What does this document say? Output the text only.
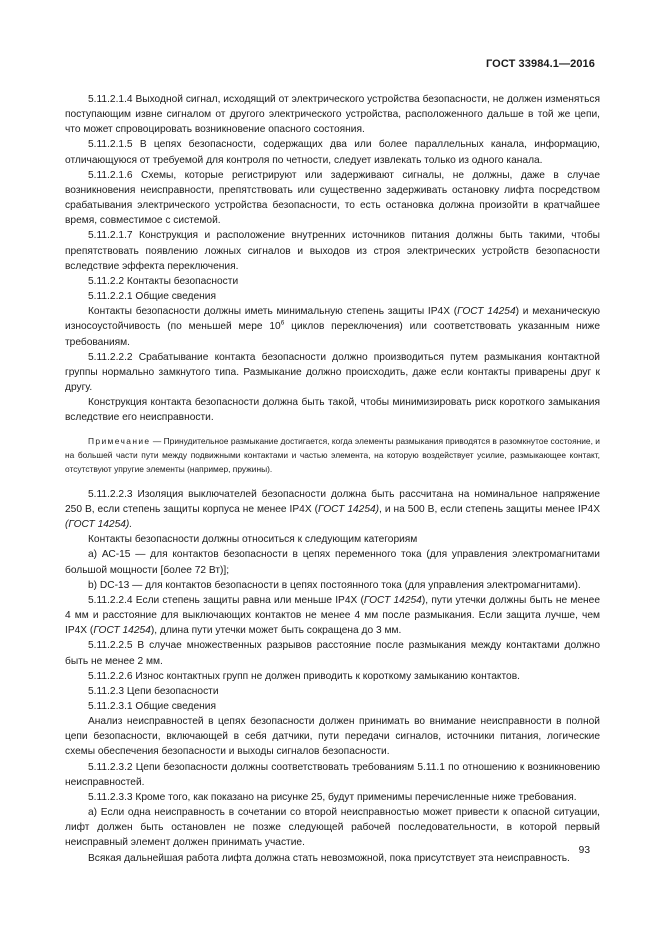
ГОСТ 33984.1—2016

5.11.2.1.4 Выходной сигнал, исходящий от электрического устройства безопасности, не должен изменяться поступающим извне сигналом от другого электрического устройства, расположенного дальше в той же цепи, что может спровоцировать возникновение опасного состояния.

5.11.2.1.5 В цепях безопасности, содержащих два или более параллельных канала, информацию, отличающуюся от требуемой для контроля по четности, следует извлекать только из одного канала.

5.11.2.1.6 Схемы, которые регистрируют или задерживают сигналы, не должны, даже в случае возникновения неисправности, препятствовать или существенно задерживать остановку лифта посредством срабатывания электрического устройства безопасности, то есть остановка должна произойти в кратчайшее время, совместимое с системой.

5.11.2.1.7 Конструкция и расположение внутренних источников питания должны быть такими, чтобы препятствовать появлению ложных сигналов и выходов из строя электрических устройств безопасности вследствие эффекта переключения.

5.11.2.2 Контакты безопасности

5.11.2.2.1 Общие сведения

Контакты безопасности должны иметь минимальную степень защиты IP4X (ГОСТ 14254) и механическую износоустойчивость (по меньшей мере $10^6$ циклов переключения) или соответствовать указанным ниже требованиям.

5.11.2.2.2 Срабатывание контакта безопасности должно производиться путем размыкания контактной группы нормально замкнутого типа. Размыкание должно происходить, даже если контакты приварены друг к другу.

Конструкция контакта безопасности должна быть такой, чтобы минимизировать риск короткого замыкания вследствие его неисправности.

Примечание — Принудительное размыкание достигается, когда элементы размыкания приводятся в разомкнутое состояние, и на большей части пути между подвижными контактами и частью элемента, на которую воздействует усилие, размыкающее контакт, отсутствуют упругие элементы (например, пружины).

5.11.2.2.3 Изоляция выключателей безопасности должна быть рассчитана на номинальное напряжение 250 В, если степень защиты корпуса не менее IP4X (ГОСТ 14254), и на 500 В, если степень защиты менее IP4X (ГОСТ 14254).

Контакты безопасности должны относиться к следующим категориям

а) АС-15 — для контактов безопасности в цепях переменного тока (для управления электромагнитами большой мощности [более 72 Вт)];

b) DC-13 — для контактов безопасности в цепях постоянного тока (для управления электромагнитами).

5.11.2.2.4 Если степень защиты равна или меньше IP4X (ГОСТ 14254), пути утечки должны быть не менее 4 мм и расстояние для выключающих контактов не менее 4 мм после размыкания. Если защита лучше, чем IP4X (ГОСТ 14254), длина пути утечки может быть сокращена до 3 мм.

5.11.2.2.5 В случае множественных разрывов расстояние после размыкания между контактами должно быть не менее 2 мм.

5.11.2.2.6 Износ контактных групп не должен приводить к короткому замыканию контактов.

5.11.2.3 Цепи безопасности

5.11.2.3.1 Общие сведения

Анализ неисправностей в цепях безопасности должен принимать во внимание неисправности в полной цепи безопасности, включающей в себя датчики, пути передачи сигналов, источники питания, логические схемы обеспечения безопасности и выходы сигналов безопасности.

5.11.2.3.2 Цепи безопасности должны соответствовать требованиям 5.11.1 по отношению к возникновению неисправностей.

5.11.2.3.3 Кроме того, как показано на рисунке 25, будут применимы перечисленные ниже требования.

а) Если одна неисправность в сочетании со второй неисправностью может привести к опасной ситуации, лифт должен быть остановлен не позже следующей рабочей последовательности, в которой первый неисправный элемент должен принимать участие.

Всякая дальнейшая работа лифта должна стать невозможной, пока присутствует эта неисправность.

93
